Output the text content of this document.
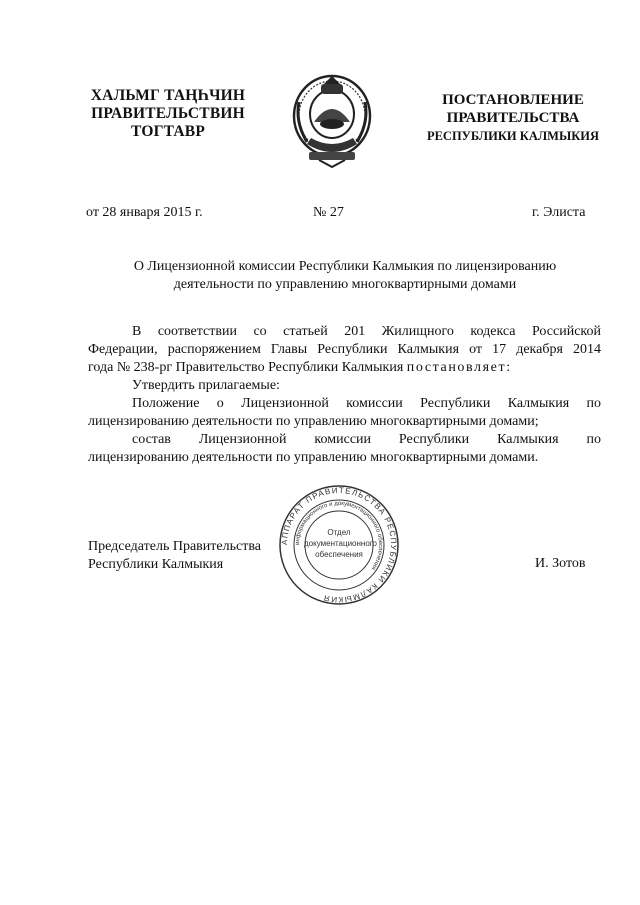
ХАЛЬМГ ТАҢҺЧИН
ПРАВИТЕЛЬСТВИН
ТОГТАВР
ПОСТАНОВЛЕНИЕ
ПРАВИТЕЛЬСТВА
РЕСПУБЛИКИ КАЛМЫКИЯ
от 28 января 2015 г.	№ 27	г. Элиста
О Лицензионной комиссии Республики Калмыкия по лицензированию
деятельности по управлению многоквартирными домами

В соответствии со статьей 201 Жилищного кодекса Российской

Федерации, распоряжением Главы Республики Калмыкия от 17 декабря 2014

года № 238-рг Правительство Республики Калмыкия постановляет:

Утвердить прилагаемые:

Положение о Лицензионной комиссии Республики Калмыкия по

лицензированию деятельности по управлению многоквартирными домами;

состав Лицензионной комиссии Республики Калмыкия по

лицензированию деятельности по управлению многоквартирными домами.

АППАРАТ ПРАВИТЕЛЬСТВА РЕСПУБЛИКИ КАЛМЫКИЯ
информационного и документационного обеспечения
Отдел
документационного
обеспечения
Председатель Правительства
Республики Калмыкия	И. Зотов
